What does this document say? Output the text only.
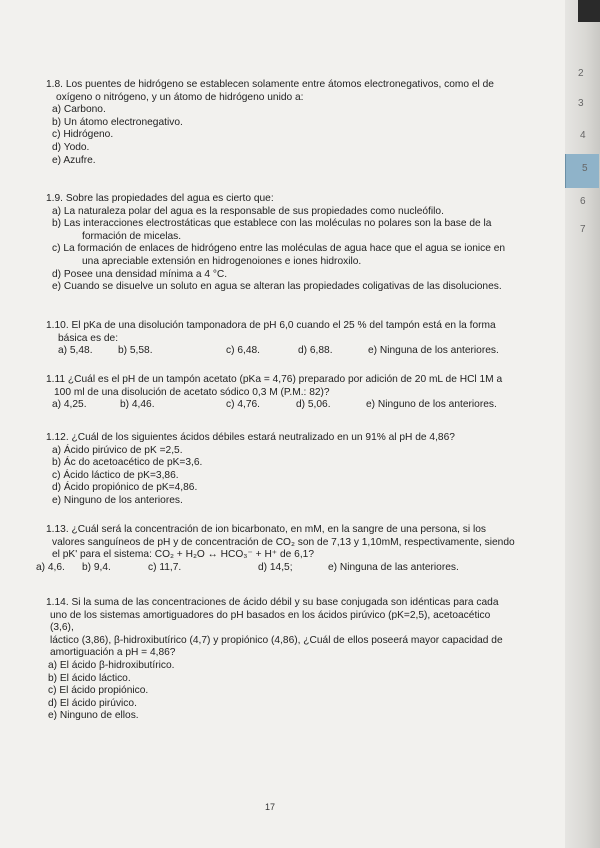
2
3
4
5
6
7

1.8. Los puentes de hidrógeno se establecen solamente entre átomos electronegativos, como el de

oxígeno o nitrógeno, y un átomo de hidrógeno unido a:

a) Carbono.

b) Un átomo electronegativo.

c) Hidrógeno.

d) Yodo.

e) Azufre.

1.9. Sobre las propiedades del agua es cierto que:

a) La naturaleza polar del agua es la responsable de sus propiedades como nucleófilo.

b) Las interacciones electrostáticas que establece con las moléculas no polares son la base de la

formación de micelas.

c) La formación de enlaces de hidrógeno entre las moléculas de agua hace que el agua se ionice en

una apreciable extensión en hidrogenoiones e iones hidroxilo.

d) Posee una densidad mínima a 4 °C.

e) Cuando se disuelve un soluto en agua se alteran las propiedades coligativas de las disoluciones.

1.10. El pKa de una disolución tamponadora de pH 6,0 cuando el 25 % del tampón está en la forma

básica es de:

a) 5,48. b) 5,58.	c) 6,48.	d) 6,88.	e) Ninguna de los anteriores.

1.11 ¿Cuál es el pH de un tampón acetato (pKa = 4,76) preparado por adición de 20 mL de HCl 1M a

100 ml de una disolución de acetato sódico 0,3 M (P.M.: 82)?

a) 4,25.	b) 4,46.	c) 4,76.	d) 5,06.	e) Ninguno de los anteriores.

1.12. ¿Cuál de los siguientes ácidos débiles estará neutralizado en un 91% al pH de 4,86?

a) Ácido pirúvico de pK =2,5.

b) Ác do acetoacético de pK=3,6.

c) Ácido láctico de pK=3,86.

d) Ácido propiónico de pK=4,86.

e) Ninguno de los anteriores.

1.13. ¿Cuál será la concentración de ion bicarbonato, en mM, en la sangre de una persona, si los

valores sanguíneos de pH y de concentración de CO₂ son de 7,13 y 1,10mM, respectivamente, siendo

el pK' para el sistema: CO₂ + H₂O ↔ HCO₃⁻ + H⁺ de 6,1?

a) 4,6. b) 9,4.	c) 11,7.	d) 14,5;	e) Ninguna de las anteriores.

1.14. Si la suma de las concentraciones de ácido débil y su base conjugada son idénticas para cada

uno de los sistemas amortiguadores do pH basados en los ácidos pirúvico (pK=2,5), acetoacético (3,6),

láctico (3,86), β-hidroxibutírico (4,7) y propiónico (4,86), ¿Cuál de ellos poseerá mayor capacidad de

amortiguación a pH = 4,86?

a) El ácido β-hidroxibutírico.

b) El ácido láctico.

c) El ácido propiónico.

d) El ácido pirúvico.

e) Ninguno de ellos.

17
